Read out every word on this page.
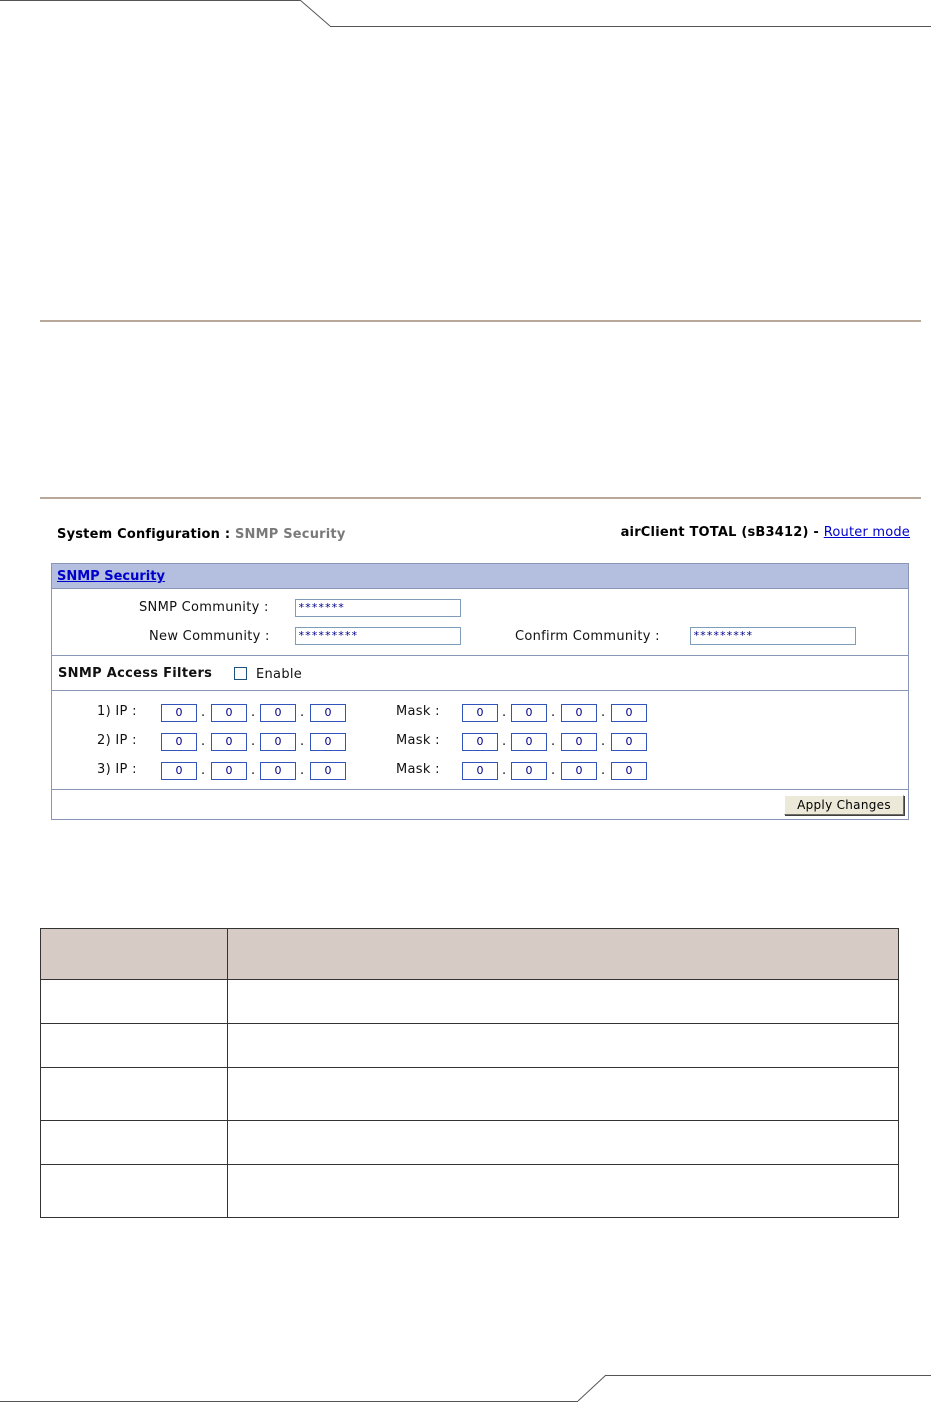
System Configuration : SNMP Security	airClient TOTAL (sB3412) - Router mode
SNMP Security
SNMP Community :	*******
New Community :	*********	Confirm Community :	*********
SNMP Access Filters	Enable
1) IP :	0	.	0	.	0	.	0	Mask :	0	.	0	.	0	.	0
2) IP :	0	.	0	.	0	.	0	Mask :	0	.	0	.	0	.	0
3) IP :	0	.	0	.	0	.	0	Mask :	0	.	0	.	0	.	0
Apply Changes
